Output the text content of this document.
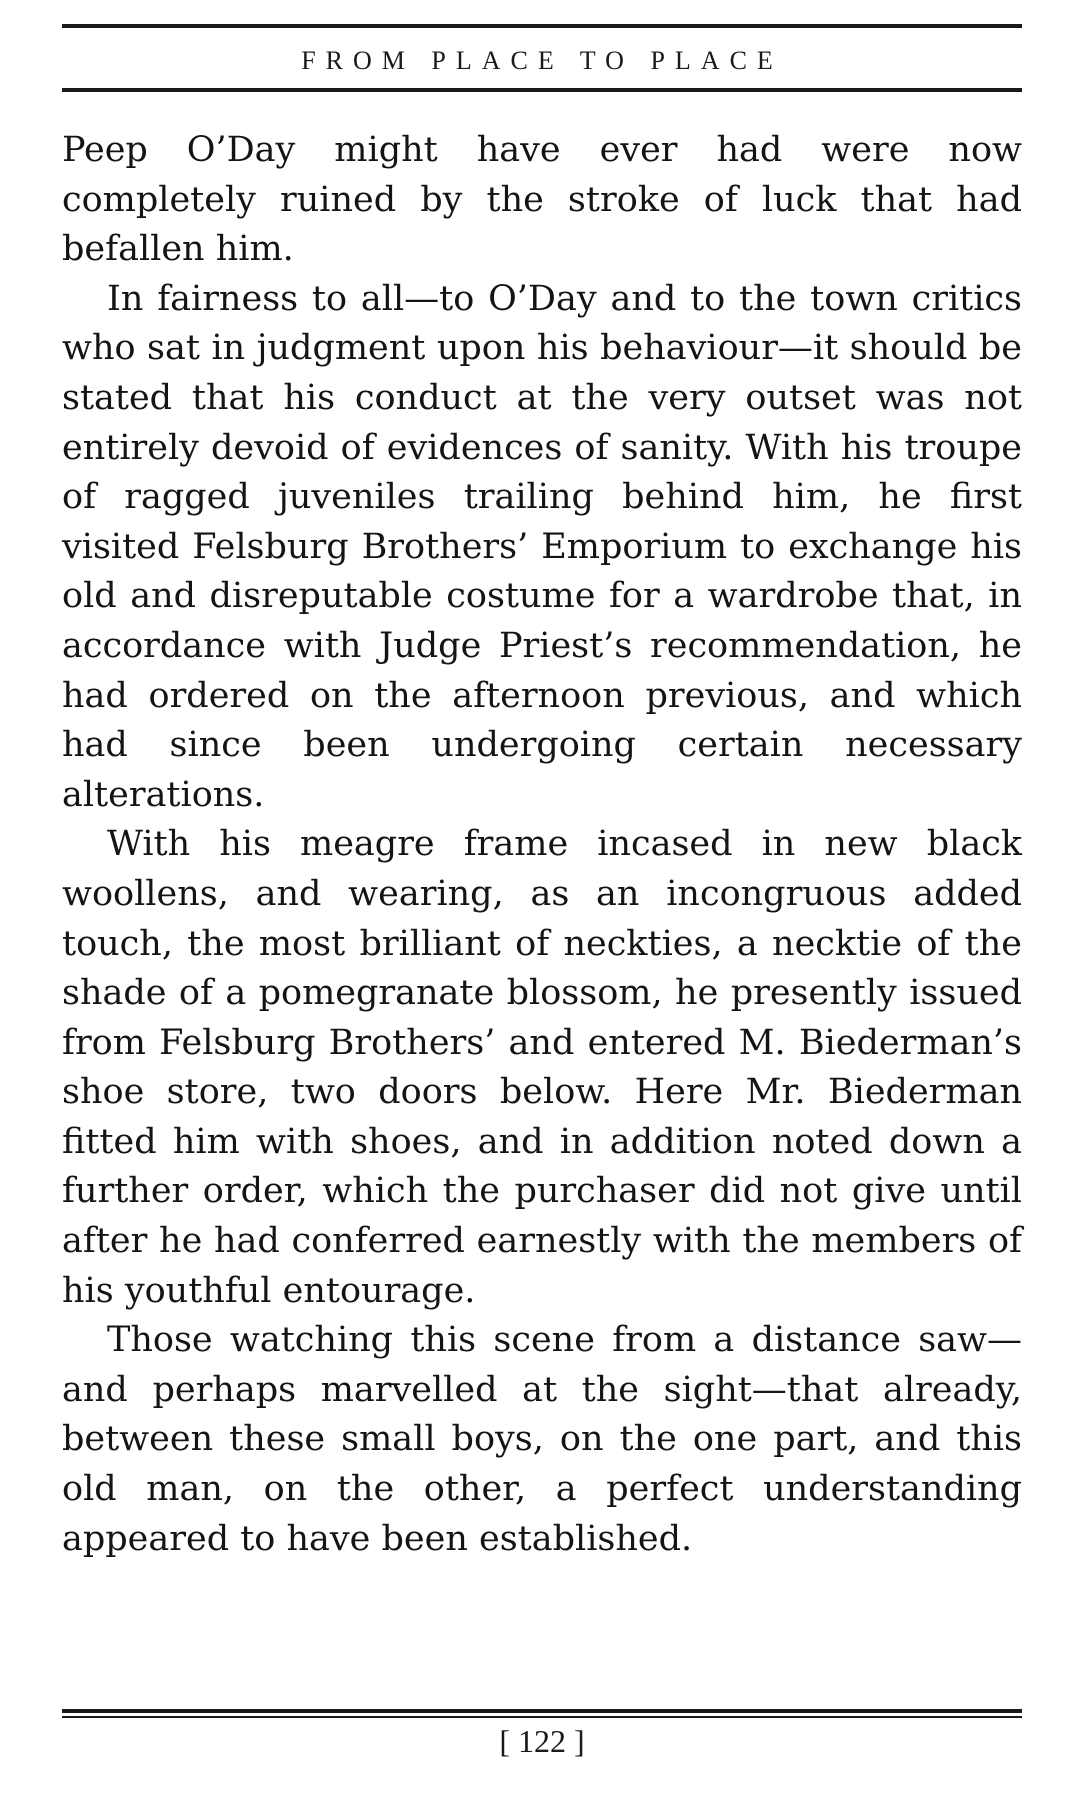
FROM PLACE TO PLACE

Peep O’Day might have ever had were now completely ruined by the stroke of luck that had befallen him.

In fairness to all—to O’Day and to the town critics who sat in judgment upon his behaviour—it should be stated that his conduct at the very outset was not entirely devoid of evidences of sanity. With his troupe of ragged juveniles trailing behind him, he first visited Felsburg Brothers’ Emporium to exchange his old and disreputable costume for a wardrobe that, in accordance with Judge Priest’s recommendation, he had ordered on the afternoon previous, and which had since been undergoing certain necessary alterations.

With his meagre frame incased in new black woollens, and wearing, as an incongruous added touch, the most brilliant of neckties, a necktie of the shade of a pomegranate blossom, he presently issued from Felsburg Brothers’ and entered M. Biederman’s shoe store, two doors below. Here Mr. Biederman fitted him with shoes, and in addition noted down a further order, which the purchaser did not give until after he had conferred earnestly with the members of his youthful entourage.

Those watching this scene from a distance saw—and perhaps marvelled at the sight—that already, between these small boys, on the one part, and this old man, on the other, a perfect understanding appeared to have been established.

[ 122 ]
